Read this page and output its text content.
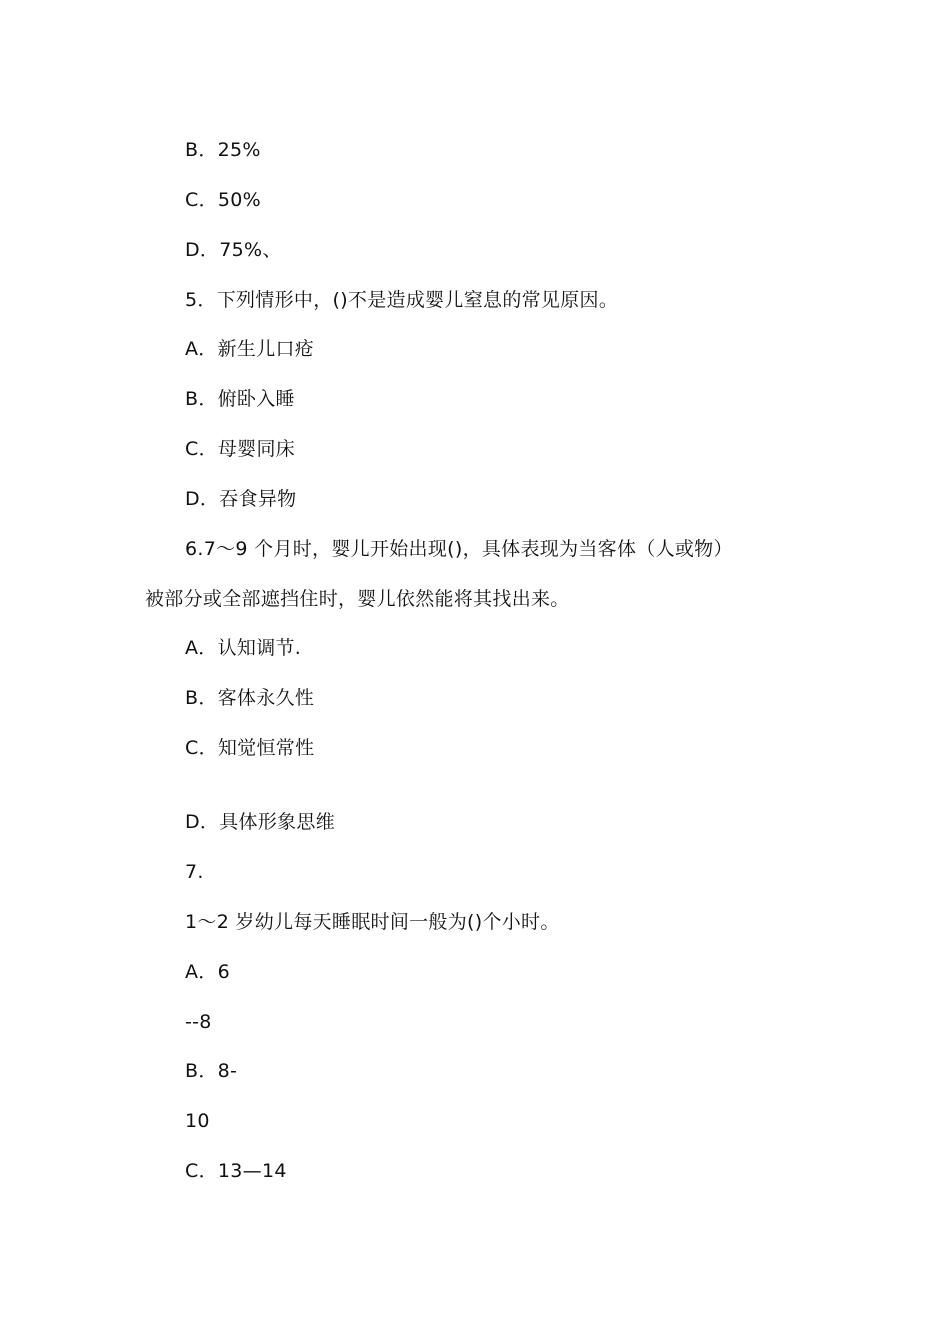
B．25%
C．50%
D．75%、
5．下列情形中，()不是造成婴儿窒息的常见原因。
A．新生儿口疮
B．俯卧入睡
C．母婴同床
D．吞食异物
6.7～9 个月时，婴儿开始出现()，具体表现为当客体（人或物）
被部分或全部遮挡住时，婴儿依然能将其找出来。
A．认知调节.
B．客体永久性
C．知觉恒常性
D．具体形象思维
7.
1～2 岁幼儿每天睡眠时间一般为()个小时。
A．6
--8
B．8-
10
C．13—14
